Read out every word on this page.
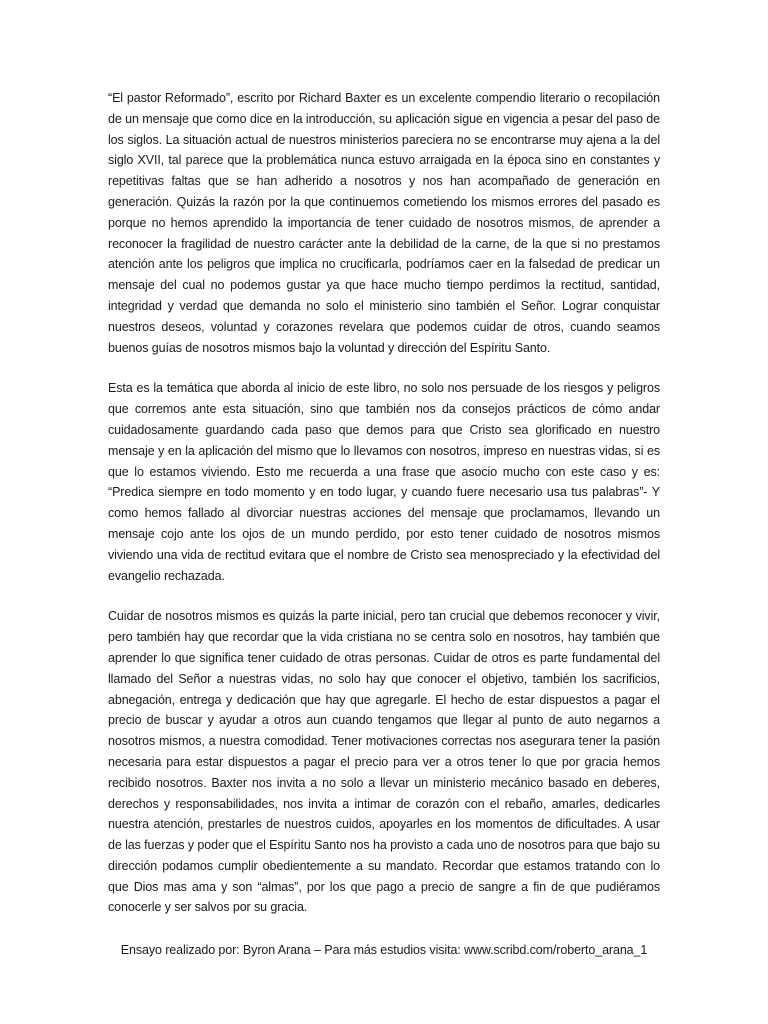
“El pastor Reformado”, escrito por Richard Baxter es un excelente compendio literario o recopilación de un mensaje que como dice en la introducción, su aplicación sigue en vigencia a pesar del paso de los siglos. La situación actual de nuestros ministerios pareciera no se encontrarse muy ajena a la del siglo XVII, tal parece que la problemática nunca estuvo arraigada en la época sino en constantes y repetitivas faltas que se han adherido a nosotros y nos han acompañado de generación en generación. Quizás la razón por la que continuemos cometiendo los mismos errores del pasado es porque no hemos aprendido la importancia de tener cuidado de nosotros mismos, de aprender a reconocer la fragilidad de nuestro carácter ante la debilidad de la carne, de la que si no prestamos atención ante los peligros que implica no crucificarla, podríamos caer en la falsedad de predicar un mensaje del cual no podemos gustar ya que hace mucho tiempo perdimos la rectitud, santidad, integridad y verdad que demanda no solo el ministerio sino también el Señor. Lograr conquistar nuestros deseos, voluntad y corazones revelara que podemos cuidar de otros, cuando seamos buenos guías de nosotros mismos bajo la voluntad y dirección del Espíritu Santo.

Esta es la temática que aborda al inicio de este libro, no solo nos persuade de los riesgos y peligros que corremos ante esta situación, sino que también nos da consejos prácticos de cómo andar cuidadosamente guardando cada paso que demos para que Cristo sea glorificado en nuestro mensaje y en la aplicación del mismo que lo llevamos con nosotros, impreso en nuestras vidas, si es que lo estamos viviendo. Esto me recuerda a una frase que asocio mucho con este caso y es: “Predica siempre en todo momento y en todo lugar, y cuando fuere necesario usa tus palabras”- Y como hemos fallado al divorciar nuestras acciones del mensaje que proclamamos, llevando un mensaje cojo ante los ojos de un mundo perdido, por esto tener cuidado de nosotros mismos viviendo una vida de rectitud evitara que el nombre de Cristo sea menospreciado y la efectividad del evangelio rechazada.

Cuidar de nosotros mismos es quizás la parte inicial, pero tan crucial que debemos reconocer y vivir, pero también hay que recordar que la vida cristiana no se centra solo en nosotros, hay también que aprender lo que significa tener cuidado de otras personas. Cuidar de otros es parte fundamental del llamado del Señor a nuestras vidas, no solo hay que conocer el objetivo, también los sacrificios, abnegación, entrega y dedicación que hay que agregarle. El hecho de estar dispuestos a pagar el precio de buscar y ayudar a otros aun cuando tengamos que llegar al punto de auto negarnos a nosotros mismos, a nuestra comodidad. Tener motivaciones correctas nos asegurara tener la pasión necesaria para estar dispuestos a pagar el precio para ver a otros tener lo que por gracia hemos recibido nosotros. Baxter nos invita a no solo a llevar un ministerio mecánico basado en deberes, derechos y responsabilidades, nos invita a intimar de corazón con el rebaño, amarles, dedicarles nuestra atención, prestarles de nuestros cuidos, apoyarles en los momentos de dificultades. A usar de las fuerzas y poder que el Espíritu Santo nos ha provisto a cada uno de nosotros para que bajo su dirección podamos cumplir obedientemente a su mandato. Recordar que estamos tratando con lo que Dios mas ama y son “almas”, por los que pago a precio de sangre a fin de que pudiéramos conocerle y ser salvos por su gracia.

Ensayo realizado por: Byron Arana – Para más estudios visita: www.scribd.com/roberto_arana_1
